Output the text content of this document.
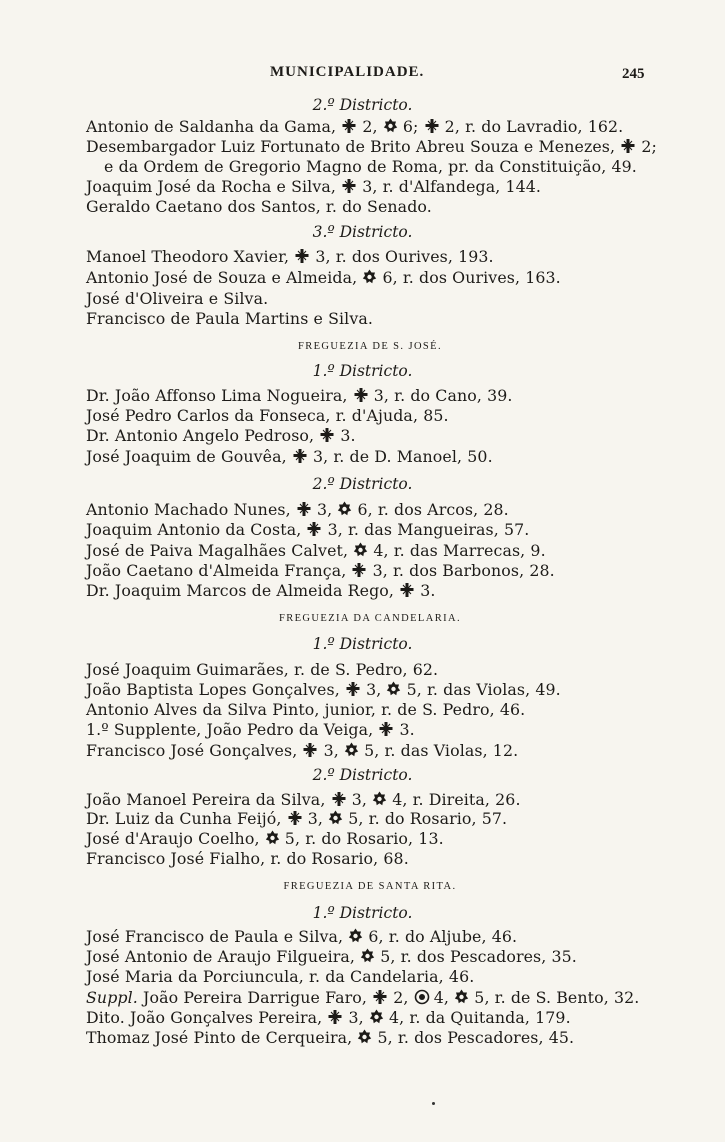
MUNICIPALIDADE.	245
2.º Districto.
Antonio de Saldanha da Gama,  2,  6;  2, r. do Lavradio, 162.
Desembargador Luiz Fortunato de Brito Abreu Souza e Menezes,  2;
e da Ordem de Gregorio Magno de Roma, pr. da Constituição, 49.
Joaquim José da Rocha e Silva,  3, r. d'Alfandega, 144.
Geraldo Caetano dos Santos, r. do Senado.
3.º Districto.
Manoel Theodoro Xavier,  3, r. dos Ourives, 193.
Antonio José de Souza e Almeida,  6, r. dos Ourives, 163.
José d'Oliveira e Silva.
Francisco de Paula Martins e Silva.
FREGUEZIA DE S. JOSÉ.
1.º Districto.
Dr. João Affonso Lima Nogueira,  3, r. do Cano, 39.
José Pedro Carlos da Fonseca, r. d'Ajuda, 85.
Dr. Antonio Angelo Pedroso,  3.
José Joaquim de Gouvêa,  3, r. de D. Manoel, 50.
2.º Districto.
Antonio Machado Nunes,  3,  6, r. dos Arcos, 28.
Joaquim Antonio da Costa,  3, r. das Mangueiras, 57.
José de Paiva Magalhães Calvet,  4, r. das Marrecas, 9.
João Caetano d'Almeida França,  3, r. dos Barbonos, 28.
Dr. Joaquim Marcos de Almeida Rego,  3.
FREGUEZIA DA CANDELARIA.
1.º Districto.
José Joaquim Guimarães, r. de S. Pedro, 62.
João Baptista Lopes Gonçalves,  3,  5, r. das Violas, 49.
Antonio Alves da Silva Pinto, junior, r. de S. Pedro, 46.
1.º Supplente, João Pedro da Veiga,  3.
Francisco José Gonçalves,  3,  5, r. das Violas, 12.
2.º Districto.
João Manoel Pereira da Silva,  3,  4, r. Direita, 26.
Dr. Luiz da Cunha Feijó,  3,  5, r. do Rosario, 57.
José d'Araujo Coelho,  5, r. do Rosario, 13.
Francisco José Fialho, r. do Rosario, 68.
FREGUEZIA DE SANTA RITA.
1.º Districto.
José Francisco de Paula e Silva,  6, r. do Aljube, 46.
José Antonio de Araujo Filgueira,  5, r. dos Pescadores, 35.
José Maria da Porciuncula, r. da Candelaria, 46.
Suppl. João Pereira Darrigue Faro,  2,  4,  5, r. de S. Bento, 32.
Dito. João Gonçalves Pereira,  3,  4, r. da Quitanda, 179.
Thomaz José Pinto de Cerqueira,  5, r. dos Pescadores, 45.
